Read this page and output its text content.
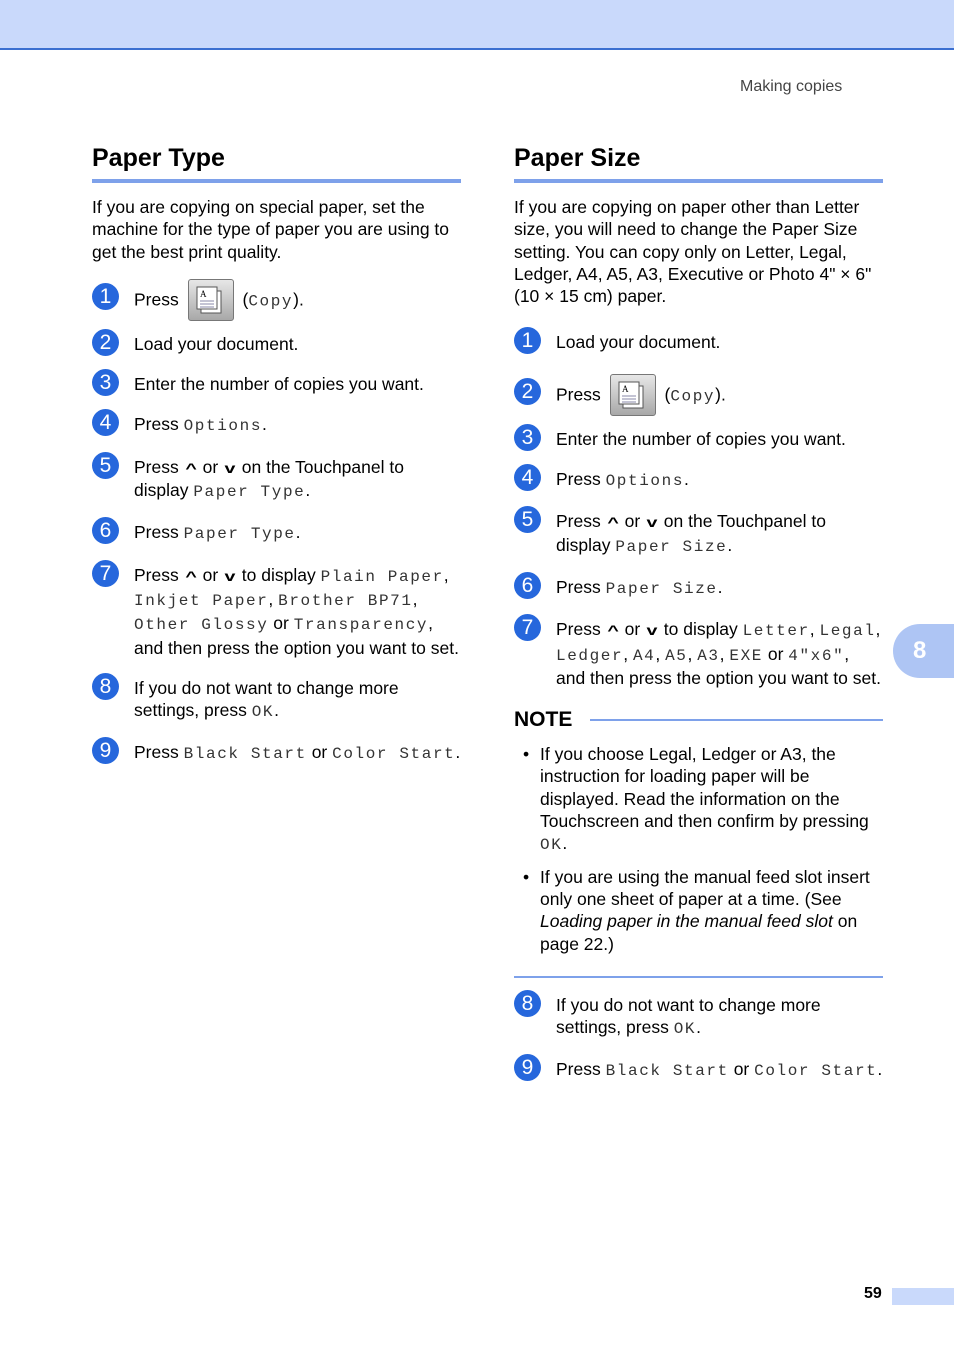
Making copies
Paper Type

If you are copying on special paper, set the machine for the type of paper you are using to get the best print quality.

1	Press A (Copy).
2	Load your document.
3	Enter the number of copies you want.
4	Press Options.
5	Press ^ or v on the Touchpanel to display Paper Type.
6	Press Paper Type.
7	Press ^ or v to display Plain Paper, Inkjet Paper, Brother BP71, Other Glossy or Transparency, and then press the option you want to set.
8	If you do not want to change more settings, press OK.
9	Press Black Start or Color Start.
Paper Size

If you are copying on paper other than Letter size, you will need to change the Paper Size setting. You can copy only on Letter, Legal, Ledger, A4, A5, A3, Executive or Photo 4" × 6" (10 × 15 cm) paper.

1	Load your document.
2	Press A (Copy).
3	Enter the number of copies you want.
4	Press Options.
5	Press ^ or v on the Touchpanel to display Paper Size.
6	Press Paper Size.
7	Press ^ or v to display Letter, Legal, Ledger, A4, A5, A3, EXE or 4"x6", and then press the option you want to set.
NOTE
• If you choose Legal, Ledger or A3, the instruction for loading paper will be displayed. Read the information on the Touchscreen and then confirm by pressing OK.
• If you are using the manual feed slot insert only one sheet of paper at a time. (See Loading paper in the manual feed slot on page 22.)
8	If you do not want to change more settings, press OK.
9	Press Black Start or Color Start.
8
59
